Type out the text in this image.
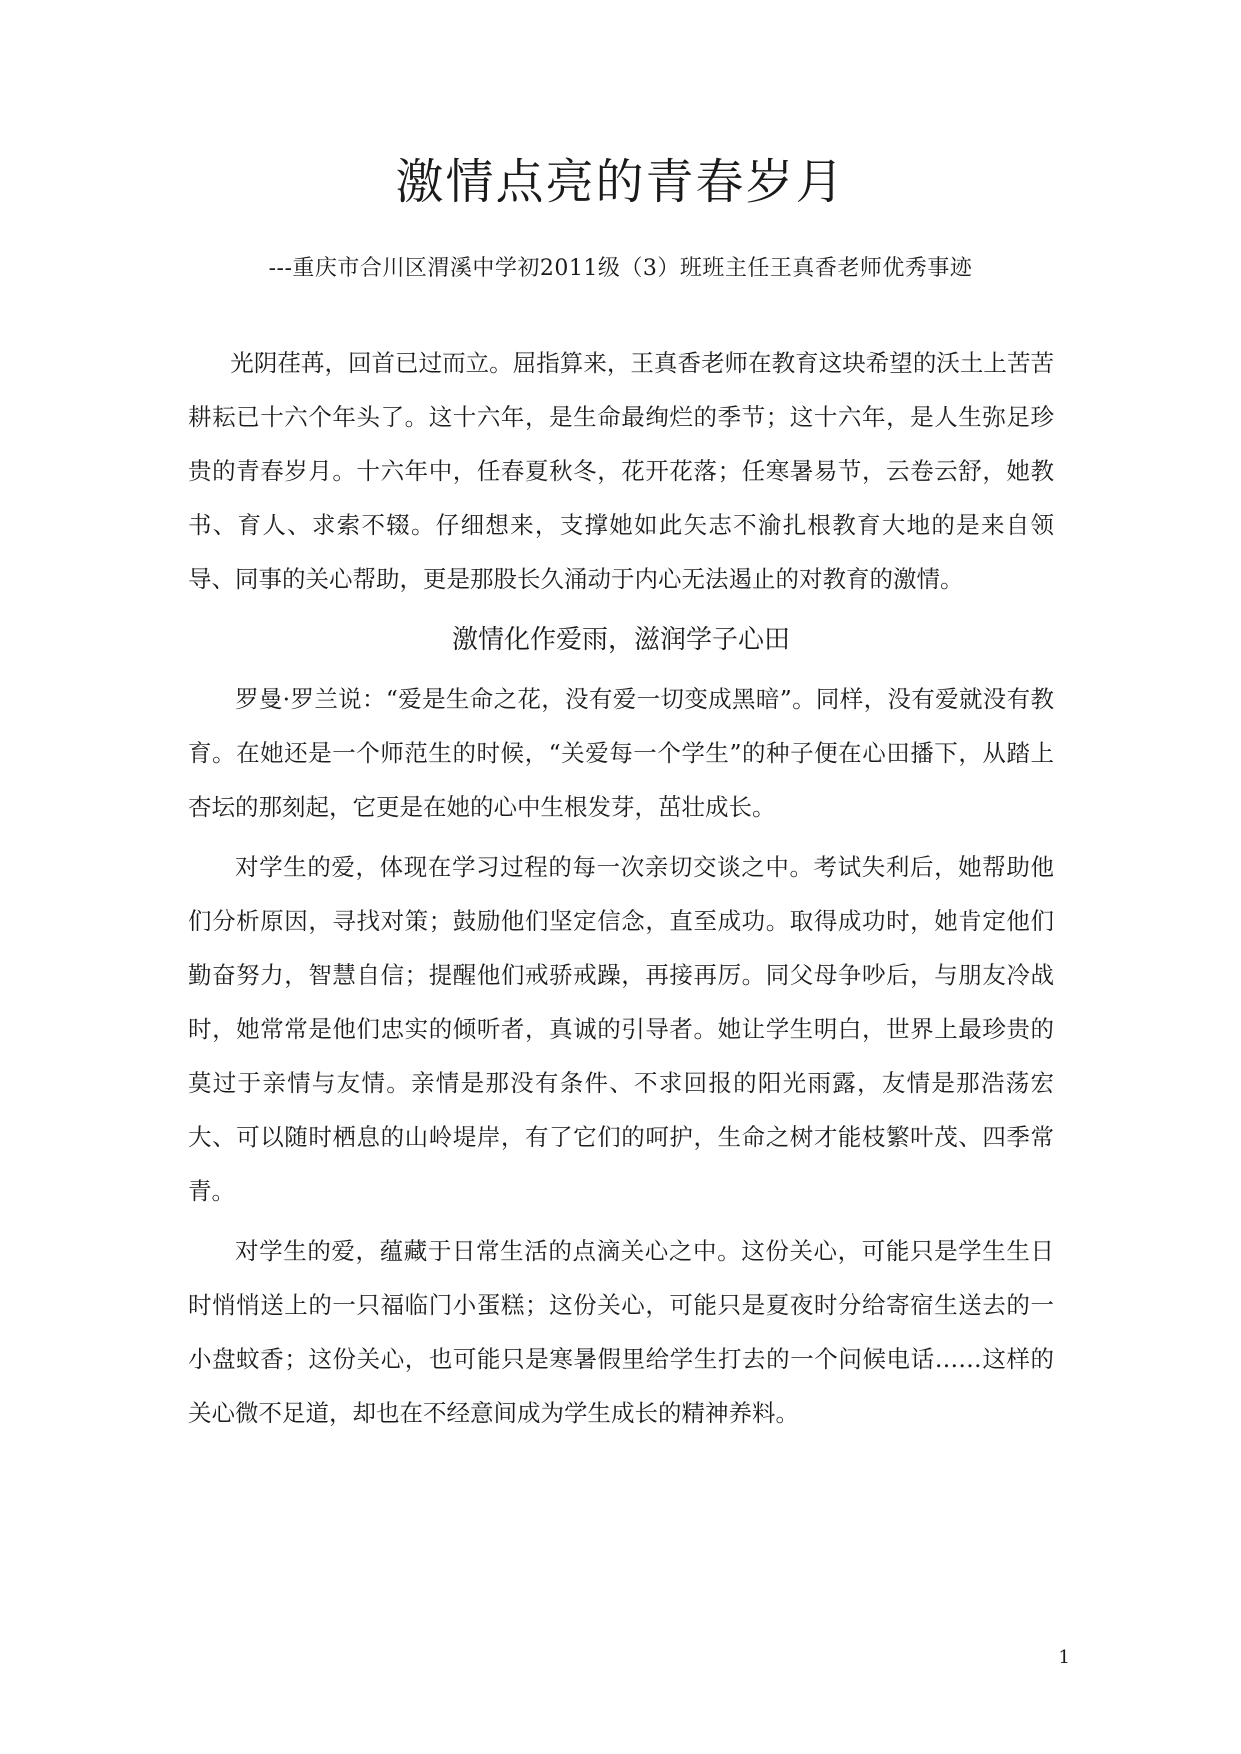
激情点亮的青春岁月

---重庆市合川区渭溪中学初2011级（3）班班主任王真香老师优秀事迹

光阴荏苒，回首已过而立。屈指算来，王真香老师在教育这块希望的沃土上苦苦耕耘已十六个年头了。这十六年，是生命最绚烂的季节；这十六年，是人生弥足珍贵的青春岁月。十六年中，任春夏秋冬，花开花落；任寒暑易节，云卷云舒，她教书、育人、求索不辍。仔细想来，支撑她如此矢志不渝扎根教育大地的是来自领导、同事的关心帮助，更是那股长久涌动于内心无法遏止的对教育的激情。

激情化作爱雨，滋润学子心田

罗曼·罗兰说：“爱是生命之花，没有爱一切变成黑暗”。同样，没有爱就没有教育。在她还是一个师范生的时候，“关爱每一个学生”的种子便在心田播下，从踏上杏坛的那刻起，它更是在她的心中生根发芽，茁壮成长。

对学生的爱，体现在学习过程的每一次亲切交谈之中。考试失利后，她帮助他们分析原因，寻找对策；鼓励他们坚定信念，直至成功。取得成功时，她肯定他们勤奋努力，智慧自信；提醒他们戒骄戒躁，再接再厉。同父母争吵后，与朋友冷战时，她常常是他们忠实的倾听者，真诚的引导者。她让学生明白，世界上最珍贵的莫过于亲情与友情。亲情是那没有条件、不求回报的阳光雨露，友情是那浩荡宏大、可以随时栖息的山岭堤岸，有了它们的呵护，生命之树才能枝繁叶茂、四季常青。

对学生的爱，蕴藏于日常生活的点滴关心之中。这份关心，可能只是学生生日时悄悄送上的一只福临门小蛋糕；这份关心，可能只是夏夜时分给寄宿生送去的一小盘蚊香；这份关心，也可能只是寒暑假里给学生打去的一个问候电话……这样的关心微不足道，却也在不经意间成为学生成长的精神养料。

1
